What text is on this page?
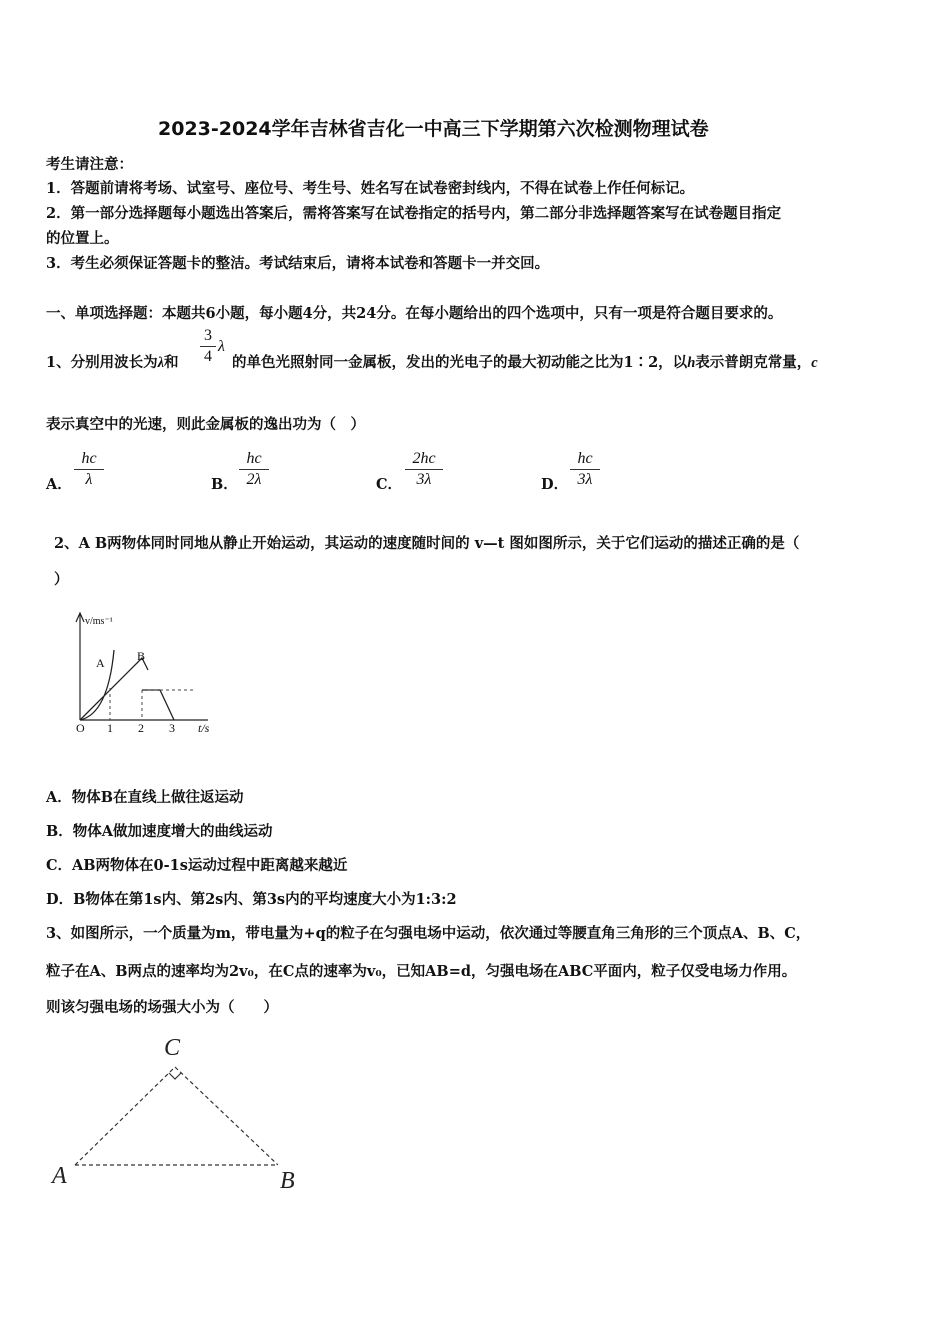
2023-2024学年吉林省吉化一中高三下学期第六次检测物理试卷
考生请注意：
1．答题前请将考场、试室号、座位号、考生号、姓名写在试卷密封线内，不得在试卷上作任何标记。
2．第一部分选择题每小题选出答案后，需将答案写在试卷指定的括号内，第二部分非选择题答案写在试卷题目指定
的位置上。
3．考生必须保证答题卡的整洁。考试结束后，请将本试卷和答题卡一并交回。
一、单项选择题：本题共6小题，每小题4分，共24分。在每小题给出的四个选项中，只有一项是符合题目要求的。
1、分别用波长为λ和
3
4
λ
的单色光照射同一金属板，发出的光电子的最大初动能之比为1∶2，以h表示普朗克常量，c
表示真空中的光速，则此金属板的逸出功为（　）
A．
hc
λ	B．
hc
2λ	C．
2hc
3λ	D．
hc
3λ
2、A B两物体同时同地从静止开始运动，其运动的速度随时间的 v—t 图如图所示，关于它们运动的描述正确的是（
）
v/ms⁻¹
A	B
O 1 2 3 t/s
A．物体B在直线上做往返运动
B．物体A做加速度增大的曲线运动
C．AB两物体在0-1s运动过程中距离越来越近
D．B物体在第1s内、第2s内、第3s内的平均速度大小为1:3:2
3、如图所示，一个质量为m，带电量为+q的粒子在匀强电场中运动，依次通过等腰直角三角形的三个顶点A、B、C，
粒子在A、B两点的速率均为2v₀，在C点的速率为v₀，已知AB=d，匀强电场在ABC平面内，粒子仅受电场力作用。
则该匀强电场的场强大小为（　　）
C
A	B
